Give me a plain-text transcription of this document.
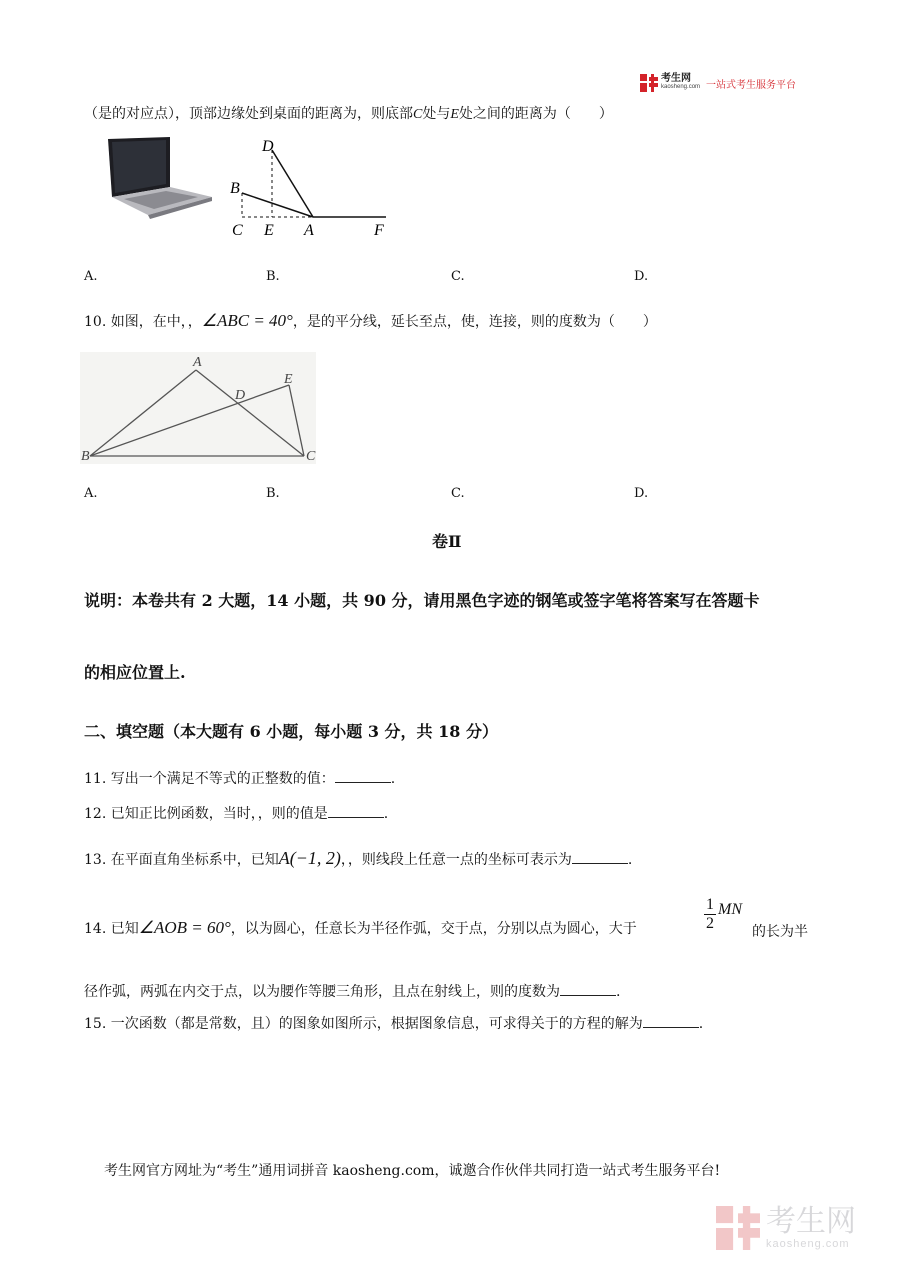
考生网
kaosheng.com 一站式考生服务平台
（是的对应点），顶部边缘处到桌面的距离为，则底部C处与E处之间的距离为（　　）
D
B
C E A	F
A.	B.	C.	D.
10. 如图，在中，，∠ABC = 40°，是的平分线，延长至点，使，连接，则的度数为（　　）
A
B	C
D
E
A.	B.	C.	D.
卷Ⅱ
说明：本卷共有 2 大题，14 小题，共 90 分，请用黑色字迹的钢笔或签字笔将答案写在答题卡
的相应位置上.
二、填空题（本大题有 6 小题，每小题 3 分，共 18 分）
11. 写出一个满足不等式的正整数的值：	.
12. 已知正比例函数，当时，，则的值是	.
13. 在平面直角坐标系中，已知A(−1, 2)，，则线段上任意一点的坐标可表示为	.
14. 已知∠AOB = 60°，以为圆心，任意长为半径作弧，交于点，分别以点为圆心，大于	$\frac{1}{2}$ MN
的长为半
径作弧，两弧在内交于点，以为腰作等腰三角形，且点在射线上，则的度数为	.
15. 一次函数（都是常数，且）的图象如图所示，根据图象信息，可求得关于的方程的解为	.
考生网官方网址为“考生”通用词拼音 kaosheng.com，诚邀合作伙伴共同打造一站式考生服务平台!
考生网
kaosheng.com
